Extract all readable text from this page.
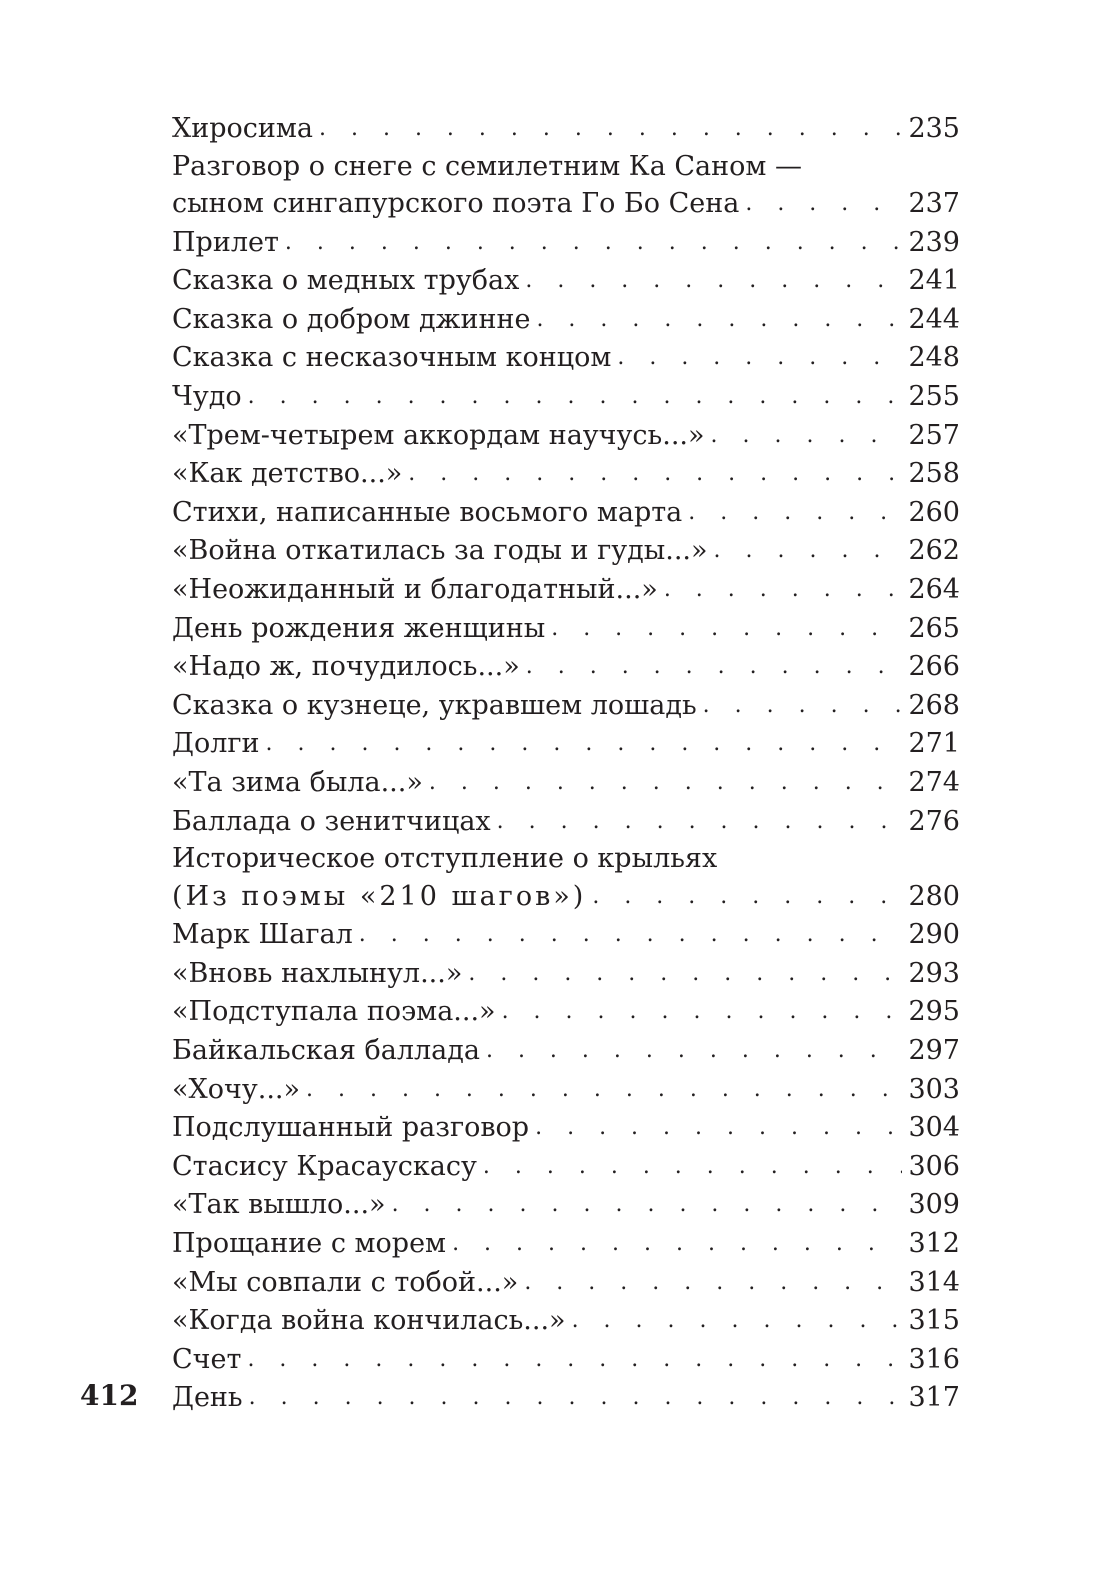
Хиросима . . .	235
Разговор о снеге с семилетним Ка Саном —
сыном сингапурского поэта Го Бо Сена . . .	237
Прилет . . .	239
Сказка о медных трубах . . .	241
Сказка о добром джинне . . .	244
Сказка с несказочным концом . . .	248
Чудо . . .	255
«Трем-четырем аккордам научусь...» . . .	257
«Как детство...» . . .	258
Стихи, написанные восьмого марта . . .	260
«Война откатилась за годы и гуды...» . . .	262
«Неожиданный и благодатный...» . . .	264
День рождения женщины . . .	265
«Надо ж, почудилось...» . . .	266
Сказка о кузнеце, укравшем лошадь . . .	268
Долги . . .	271
«Та зима была...» . . .	274
Баллада о зенитчицах . . .	276
Историческое отступление о крыльях
(Из поэмы «210 шагов») . . .	280
Марк Шагал . . .	290
«Вновь нахлынул...» . . .	293
«Подступала поэма...» . . .	295
Байкальская баллада . . .	297
«Хочу...» . . .	303
Подслушанный разговор . . .	304
Стасису Красаускасу . . .	306
«Так вышло...» . . .	309
Прощание с морем . . .	312
«Мы совпали с тобой...» . . .	314
«Когда война кончилась...» . . .	315
Счет . . .	316
День . . .	317
412
